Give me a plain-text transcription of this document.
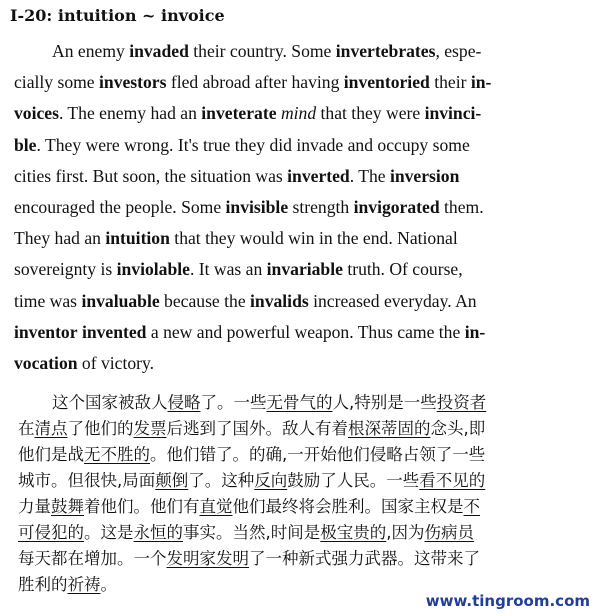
I-20: intuition ~ invoice
An enemy invaded their country. Some invertebrates, espe-
cially some investors fled abroad after having inventoried their in-
voices. The enemy had an inveterate mind that they were invinci-
ble. They were wrong. It's true they did invade and occupy some
cities first. But soon, the situation was inverted. The inversion
encouraged the people. Some invisible strength invigorated them.
They had an intuition that they would win in the end. National
sovereignty is inviolable. It was an invariable truth. Of course,
time was invaluable because the invalids increased everyday. An
inventor invented a new and powerful weapon. Thus came the in-
vocation of victory.
这个国家被敌人侵略了。一些无骨气的人,特别是一些投资者
在清点了他们的发票后逃到了国外。敌人有着根深蒂固的念头,即
他们是战无不胜的。他们错了。的确,一开始他们侵略占领了一些
城市。但很快,局面颠倒了。这种反向鼓励了人民。一些看不见的
力量鼓舞着他们。他们有直觉他们最终将会胜利。国家主权是不
可侵犯的。这是永恒的事实。当然,时间是极宝贵的,因为伤病员
每天都在增加。一个发明家发明了一种新式强力武器。这带来了
胜利的祈祷。
www.tingroom.com
